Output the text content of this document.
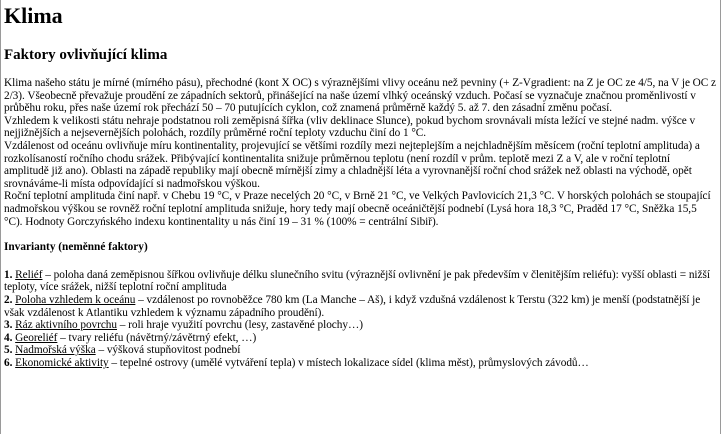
Klima
Faktory ovlivňující klima

Klima našeho státu je mírné (mírného pásu), přechodné (kont X OC) s výraznějšími vlivy oceánu než pevniny (+ Z-Vgradient: na Z je OC ze 4/5, na V je OC z 2/3). Všeobecně převažuje proudění ze západních sektorů, přinášející na naše území vlhký oceánský vzduch. Počasí se vyznačuje značnou proměnlivostí v průběhu roku, přes naše území rok přechází 50 – 70 putujících cyklon, což znamená průměrně každý 5. až 7. den zásadní změnu počasí.

Vzhledem k velikosti státu nehraje podstatnou roli zeměpisná šířka (vliv deklinace Slunce), pokud bychom srovnávali místa ležící ve stejné nadm. výšce v nejjižnějších a nejsevernějších polohách, rozdíly průměrné roční teploty vzduchu činí do 1 °C.

Vzdálenost od oceánu ovlivňuje míru kontinentality, projevující se většími rozdíly mezi nejteplejším a nejchladnějším měsícem (roční teplotní amplituda) a rozkolísaností ročního chodu srážek. Přibývající kontinentalita snižuje průměrnou teplotu (není rozdíl v prům. teplotě mezi Z a V, ale v roční teplotní amplitudě již ano). Oblasti na západě republiky mají obecně mírnější zimy a chladnější léta a vyrovnanější roční chod srážek než oblasti na východě, opět srovnáváme-li místa odpovídající si nadmořskou výškou.

Roční teplotní amplituda činí např. v Chebu 19 °C, v Praze necelých 20 °C, v Brně 21 °C, ve Velkých Pavlovicích 21,3 °C. V horských polohách se stoupající nadmořskou výškou se rovněž roční teplotní amplituda snižuje, hory tedy mají obecně oceáničtější podnebí (Lysá hora 18,3 °C, Praděd 17 °C, Sněžka 15,5 °C). Hodnoty Gorczyńského indexu kontinentality u nás činí 19 – 31 % (100% = centrální Sibiř).

Invarianty (neměnné faktory)

1. Reliéf – poloha daná zeměpisnou šířkou ovlivňuje délku slunečního svitu (výraznější ovlivnění je pak především v členitějším reliéfu): vyšší oblasti = nižší teploty, více srážek, nižší teplotní roční amplituda

2. Poloha vzhledem k oceánu – vzdálenost po rovnoběžce 780 km (La Manche – Aš), i když vzdušná vzdálenost k Terstu (322 km) je menší (podstatnější je však vzdálenost k Atlantiku vzhledem k významu západního proudění).

3. Ráz aktivního povrchu – roli hraje využití povrchu (lesy, zastavěné plochy…)

4. Georeliéf – tvary reliéfu (návětrný/závětrný efekt, …)

5. Nadmořská výška – výšková stupňovitost podnebí

6. Ekonomické aktivity – tepelné ostrovy (umělé vytváření tepla) v místech lokalizace sídel (klima měst), průmyslových závodů…
